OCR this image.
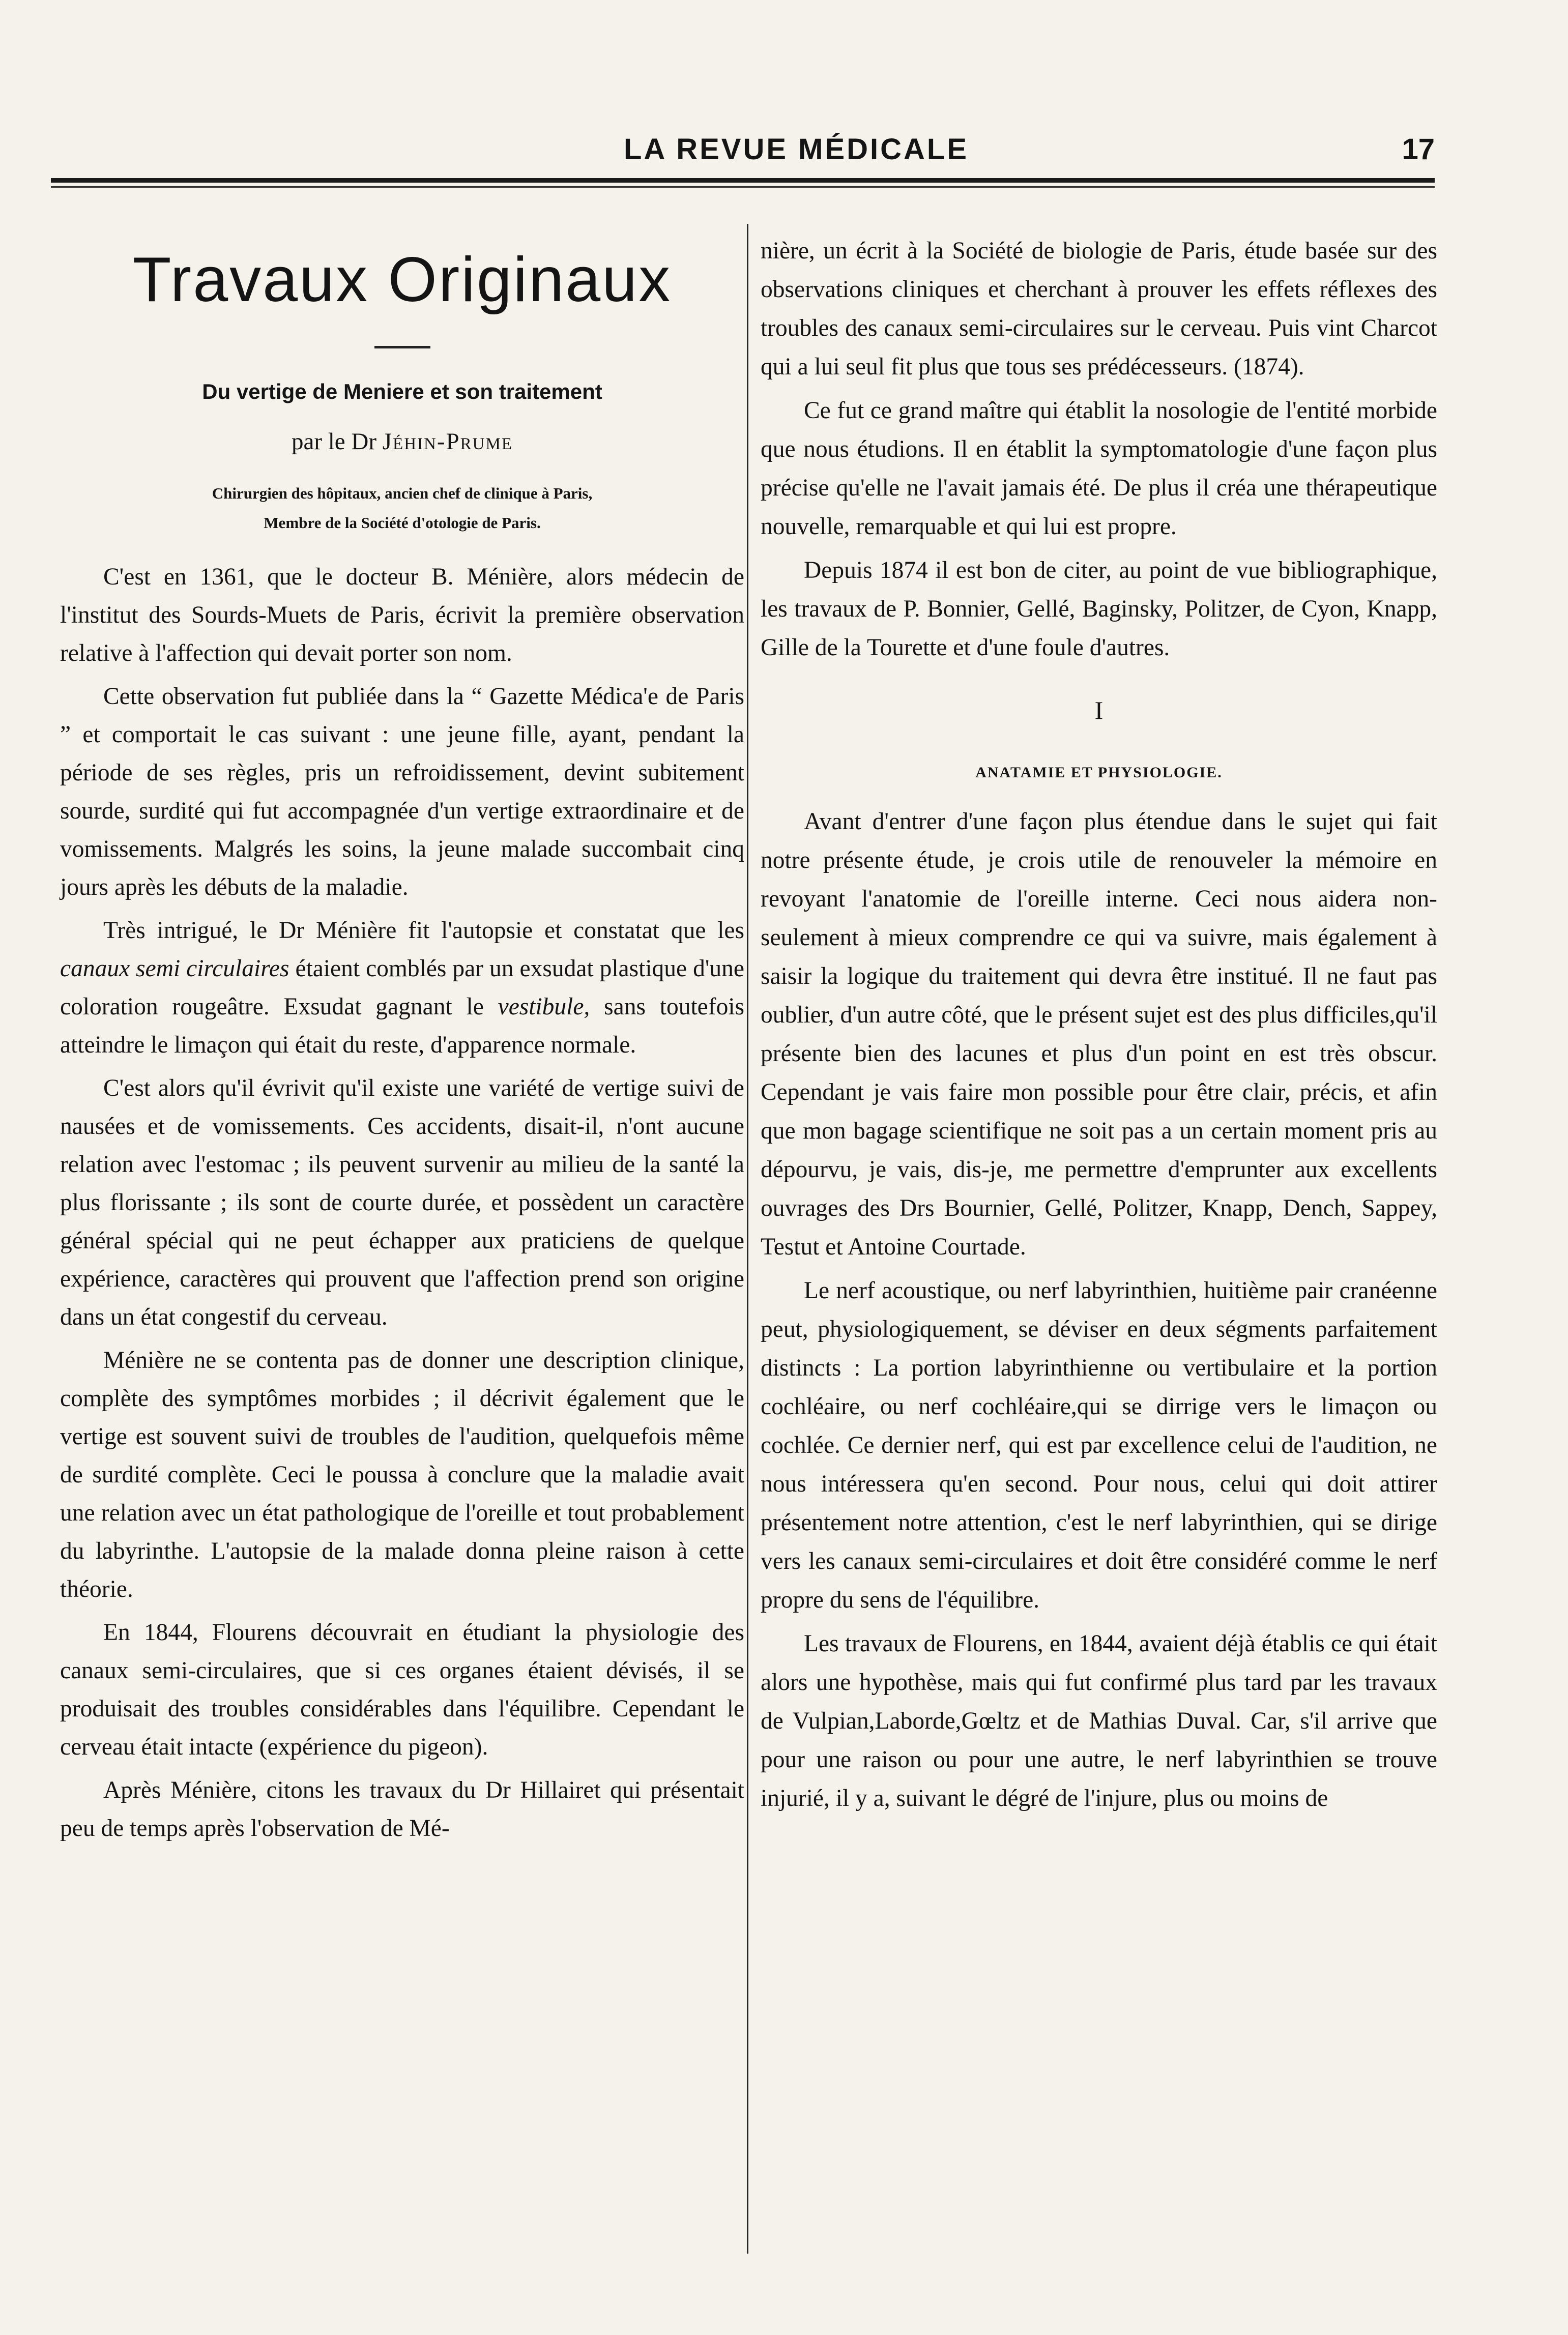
LA REVUE MÉDICALE	17
Travaux Originaux

Du vertige de Meniere et son traitement

par le Dr Jéhin-Prume

Chirurgien des hôpitaux, ancien chef de clinique à Paris,
Membre de la Société d'otologie de Paris.

C'est en 1361, que le docteur B. Ménière, alors médecin de l'institut des Sourds-Muets de Paris, écrivit la première observation relative à l'affection qui devait porter son nom.

Cette observation fut publiée dans la “ Gazette Médica'e de Paris ” et comportait le cas suivant : une jeune fille, ayant, pendant la période de ses règles, pris un refroidissement, devint subitement sourde, surdité qui fut accompagnée d'un vertige extraordinaire et de vomissements. Malgrés les soins, la jeune malade succombait cinq jours après les débuts de la maladie.

Très intrigué, le Dr Ménière fit l'autopsie et constatat que les canaux semi circulaires étaient comblés par un exsudat plastique d'une coloration rougeâtre. Exsudat gagnant le vestibule, sans toutefois atteindre le limaçon qui était du reste, d'apparence normale.

C'est alors qu'il évrivit qu'il existe une variété de vertige suivi de nausées et de vomissements. Ces accidents, disait-il, n'ont aucune relation avec l'estomac ; ils peuvent survenir au milieu de la santé la plus florissante ; ils sont de courte durée, et possèdent un caractère général spécial qui ne peut échapper aux praticiens de quelque expérience, caractères qui prouvent que l'affection prend son origine dans un état congestif du cerveau.

Ménière ne se contenta pas de donner une description clinique, complète des symptômes morbides ; il décrivit également que le vertige est souvent suivi de troubles de l'audition, quelquefois même de surdité complète. Ceci le poussa à conclure que la maladie avait une relation avec un état pathologique de l'oreille et tout probablement du labyrinthe. L'autopsie de la malade donna pleine raison à cette théorie.

En 1844, Flourens découvrait en étudiant la physiologie des canaux semi-circulaires, que si ces organes étaient dévisés, il se produisait des troubles considérables dans l'équilibre. Cependant le cerveau était intacte (expérience du pigeon).

Après Ménière, citons les travaux du Dr Hillairet qui présentait peu de temps après l'observation de Mé-

nière, un écrit à la Société de biologie de Paris, étude basée sur des observations cliniques et cherchant à prouver les effets réflexes des troubles des canaux semi-circulaires sur le cerveau. Puis vint Charcot qui a lui seul fit plus que tous ses prédécesseurs. (1874).

Ce fut ce grand maître qui établit la nosologie de l'entité morbide que nous étudions. Il en établit la symptomatologie d'une façon plus précise qu'elle ne l'avait jamais été. De plus il créa une thérapeutique nouvelle, remarquable et qui lui est propre.

Depuis 1874 il est bon de citer, au point de vue bibliographique, les travaux de P. Bonnier, Gellé, Baginsky, Politzer, de Cyon, Knapp, Gille de la Tourette et d'une foule d'autres.

I

ANATAMIE ET PHYSIOLOGIE.

Avant d'entrer d'une façon plus étendue dans le sujet qui fait notre présente étude, je crois utile de renouveler la mémoire en revoyant l'anatomie de l'oreille interne. Ceci nous aidera non-seulement à mieux comprendre ce qui va suivre, mais également à saisir la logique du traitement qui devra être institué. Il ne faut pas oublier, d'un autre côté, que le présent sujet est des plus difficiles,qu'il présente bien des lacunes et plus d'un point en est très obscur. Cependant je vais faire mon possible pour être clair, précis, et afin que mon bagage scientifique ne soit pas a un certain moment pris au dépourvu, je vais, dis-je, me permettre d'emprunter aux excellents ouvrages des Drs Bournier, Gellé, Politzer, Knapp, Dench, Sappey, Testut et Antoine Courtade.

Le nerf acoustique, ou nerf labyrinthien, huitième pair cranéenne peut, physiologiquement, se déviser en deux ségments parfaitement distincts : La portion labyrinthienne ou vertibulaire et la portion cochléaire, ou nerf cochléaire,qui se dirrige vers le limaçon ou cochlée. Ce dernier nerf, qui est par excellence celui de l'audition, ne nous intéressera qu'en second. Pour nous, celui qui doit attirer présentement notre attention, c'est le nerf labyrinthien, qui se dirige vers les canaux semi-circulaires et doit être considéré comme le nerf propre du sens de l'équilibre.

Les travaux de Flourens, en 1844, avaient déjà établis ce qui était alors une hypothèse, mais qui fut confirmé plus tard par les travaux de Vulpian,Laborde,Gœltz et de Mathias Duval. Car, s'il arrive que pour une raison ou pour une autre, le nerf labyrinthien se trouve injurié, il y a, suivant le dégré de l'injure, plus ou moins de
